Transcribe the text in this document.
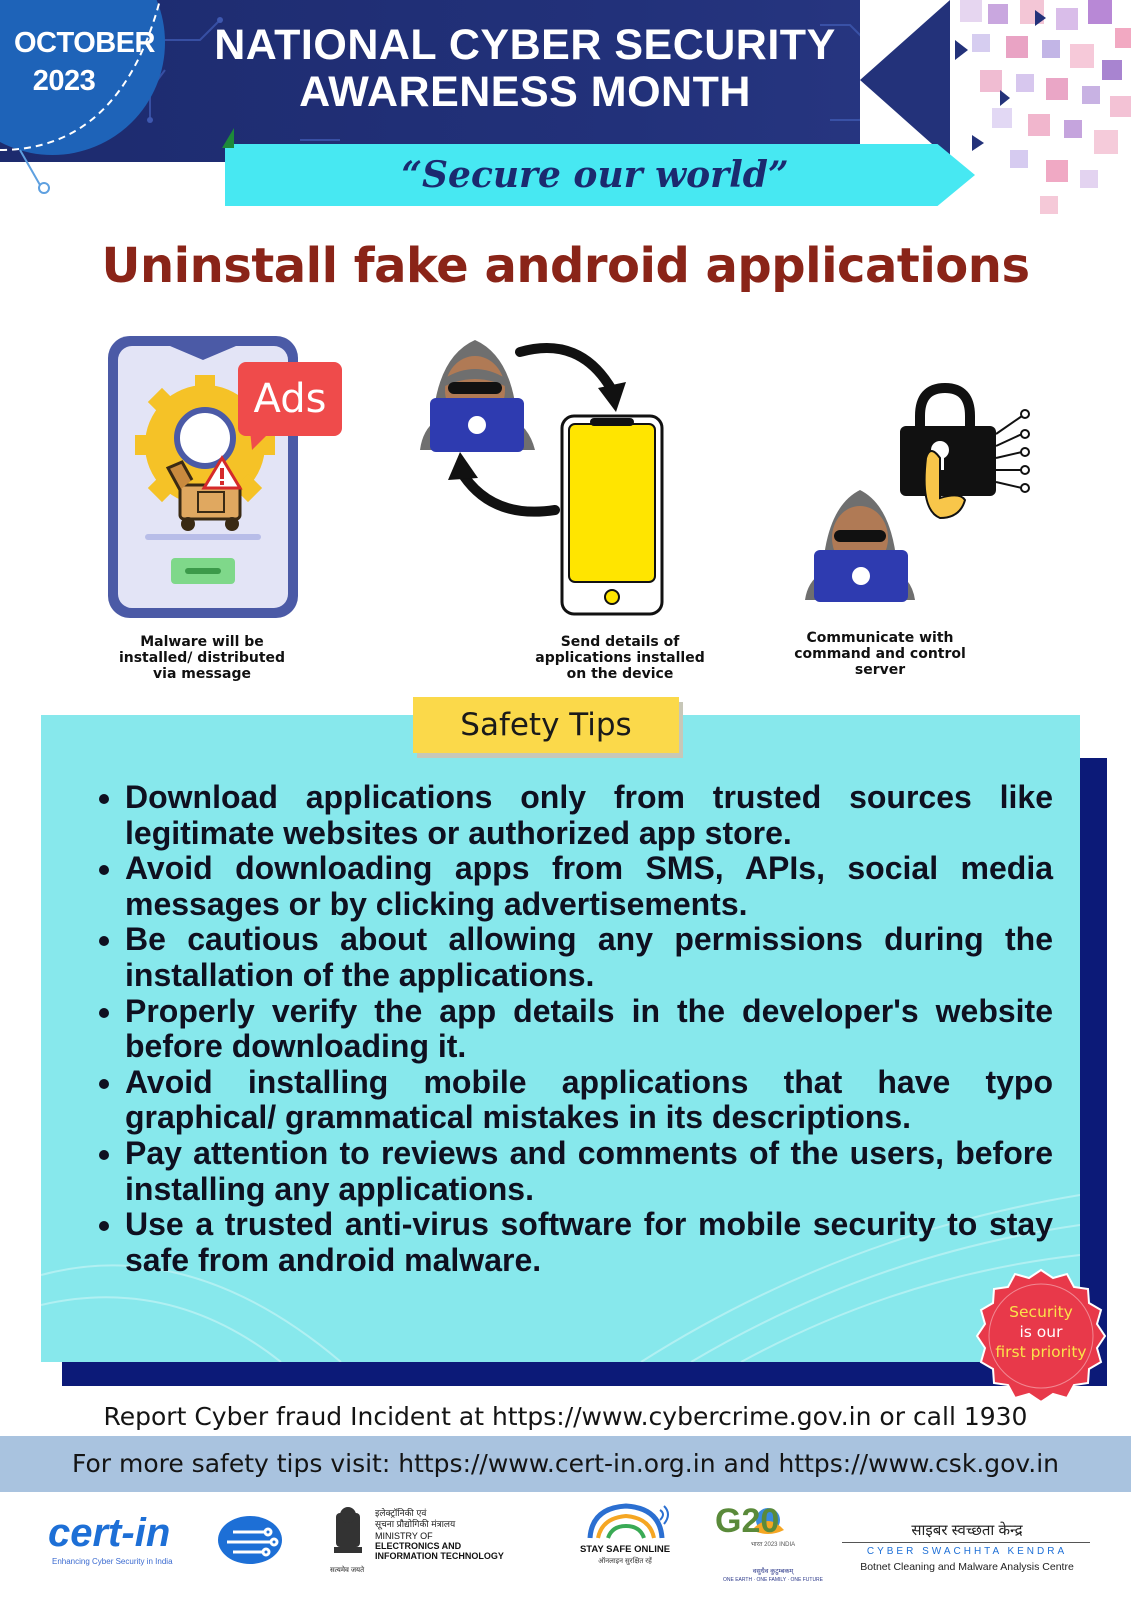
OCTOBER
2023
NATIONAL CYBER SECURITY
AWARENESS MONTH
“Secure our world”
Uninstall fake android applications
Ads
Malware will be
installed/ distributed
via message
Send details of
applications installed
on the device
Communicate with
command and control
server
Safety Tips
• Download applications only from trusted sources like legitimate websites or authorized app store.
• Avoid downloading apps from SMS, APIs, social media messages or by clicking advertisements.
• Be cautious about allowing any permissions during the installation of the applications.
• Properly verify the app details in the developer's website before downloading it.
• Avoid installing mobile applications that have typo graphical/ grammatical mistakes in its descriptions.
• Pay attention to reviews and comments of the users, before installing any applications.
• Use a trusted anti-virus software for mobile security to stay safe from android malware.
Security
is our
first priority
Report Cyber fraud Incident at https://www.cybercrime.gov.in or call 1930
For more safety tips visit: https://www.cert-in.org.in and https://www.csk.gov.in
cert-in
Enhancing Cyber Security in India
सत्यमेव जयते
इलेक्ट्रॉनिकी एवं
सूचना प्रौद्योगिकी मंत्रालय
MINISTRY OF
ELECTRONICS AND
INFORMATION TECHNOLOGY
STAY SAFE ONLINE
ऑनलाइन सुरक्षित रहें
G20
भारत 2023 INDIA
वसुधैव कुटुम्बकम्
ONE EARTH · ONE FAMILY · ONE FUTURE
साइबर स्वच्छता केन्द्र
CYBER SWACHHTA KENDRA
Botnet Cleaning and Malware Analysis Centre
